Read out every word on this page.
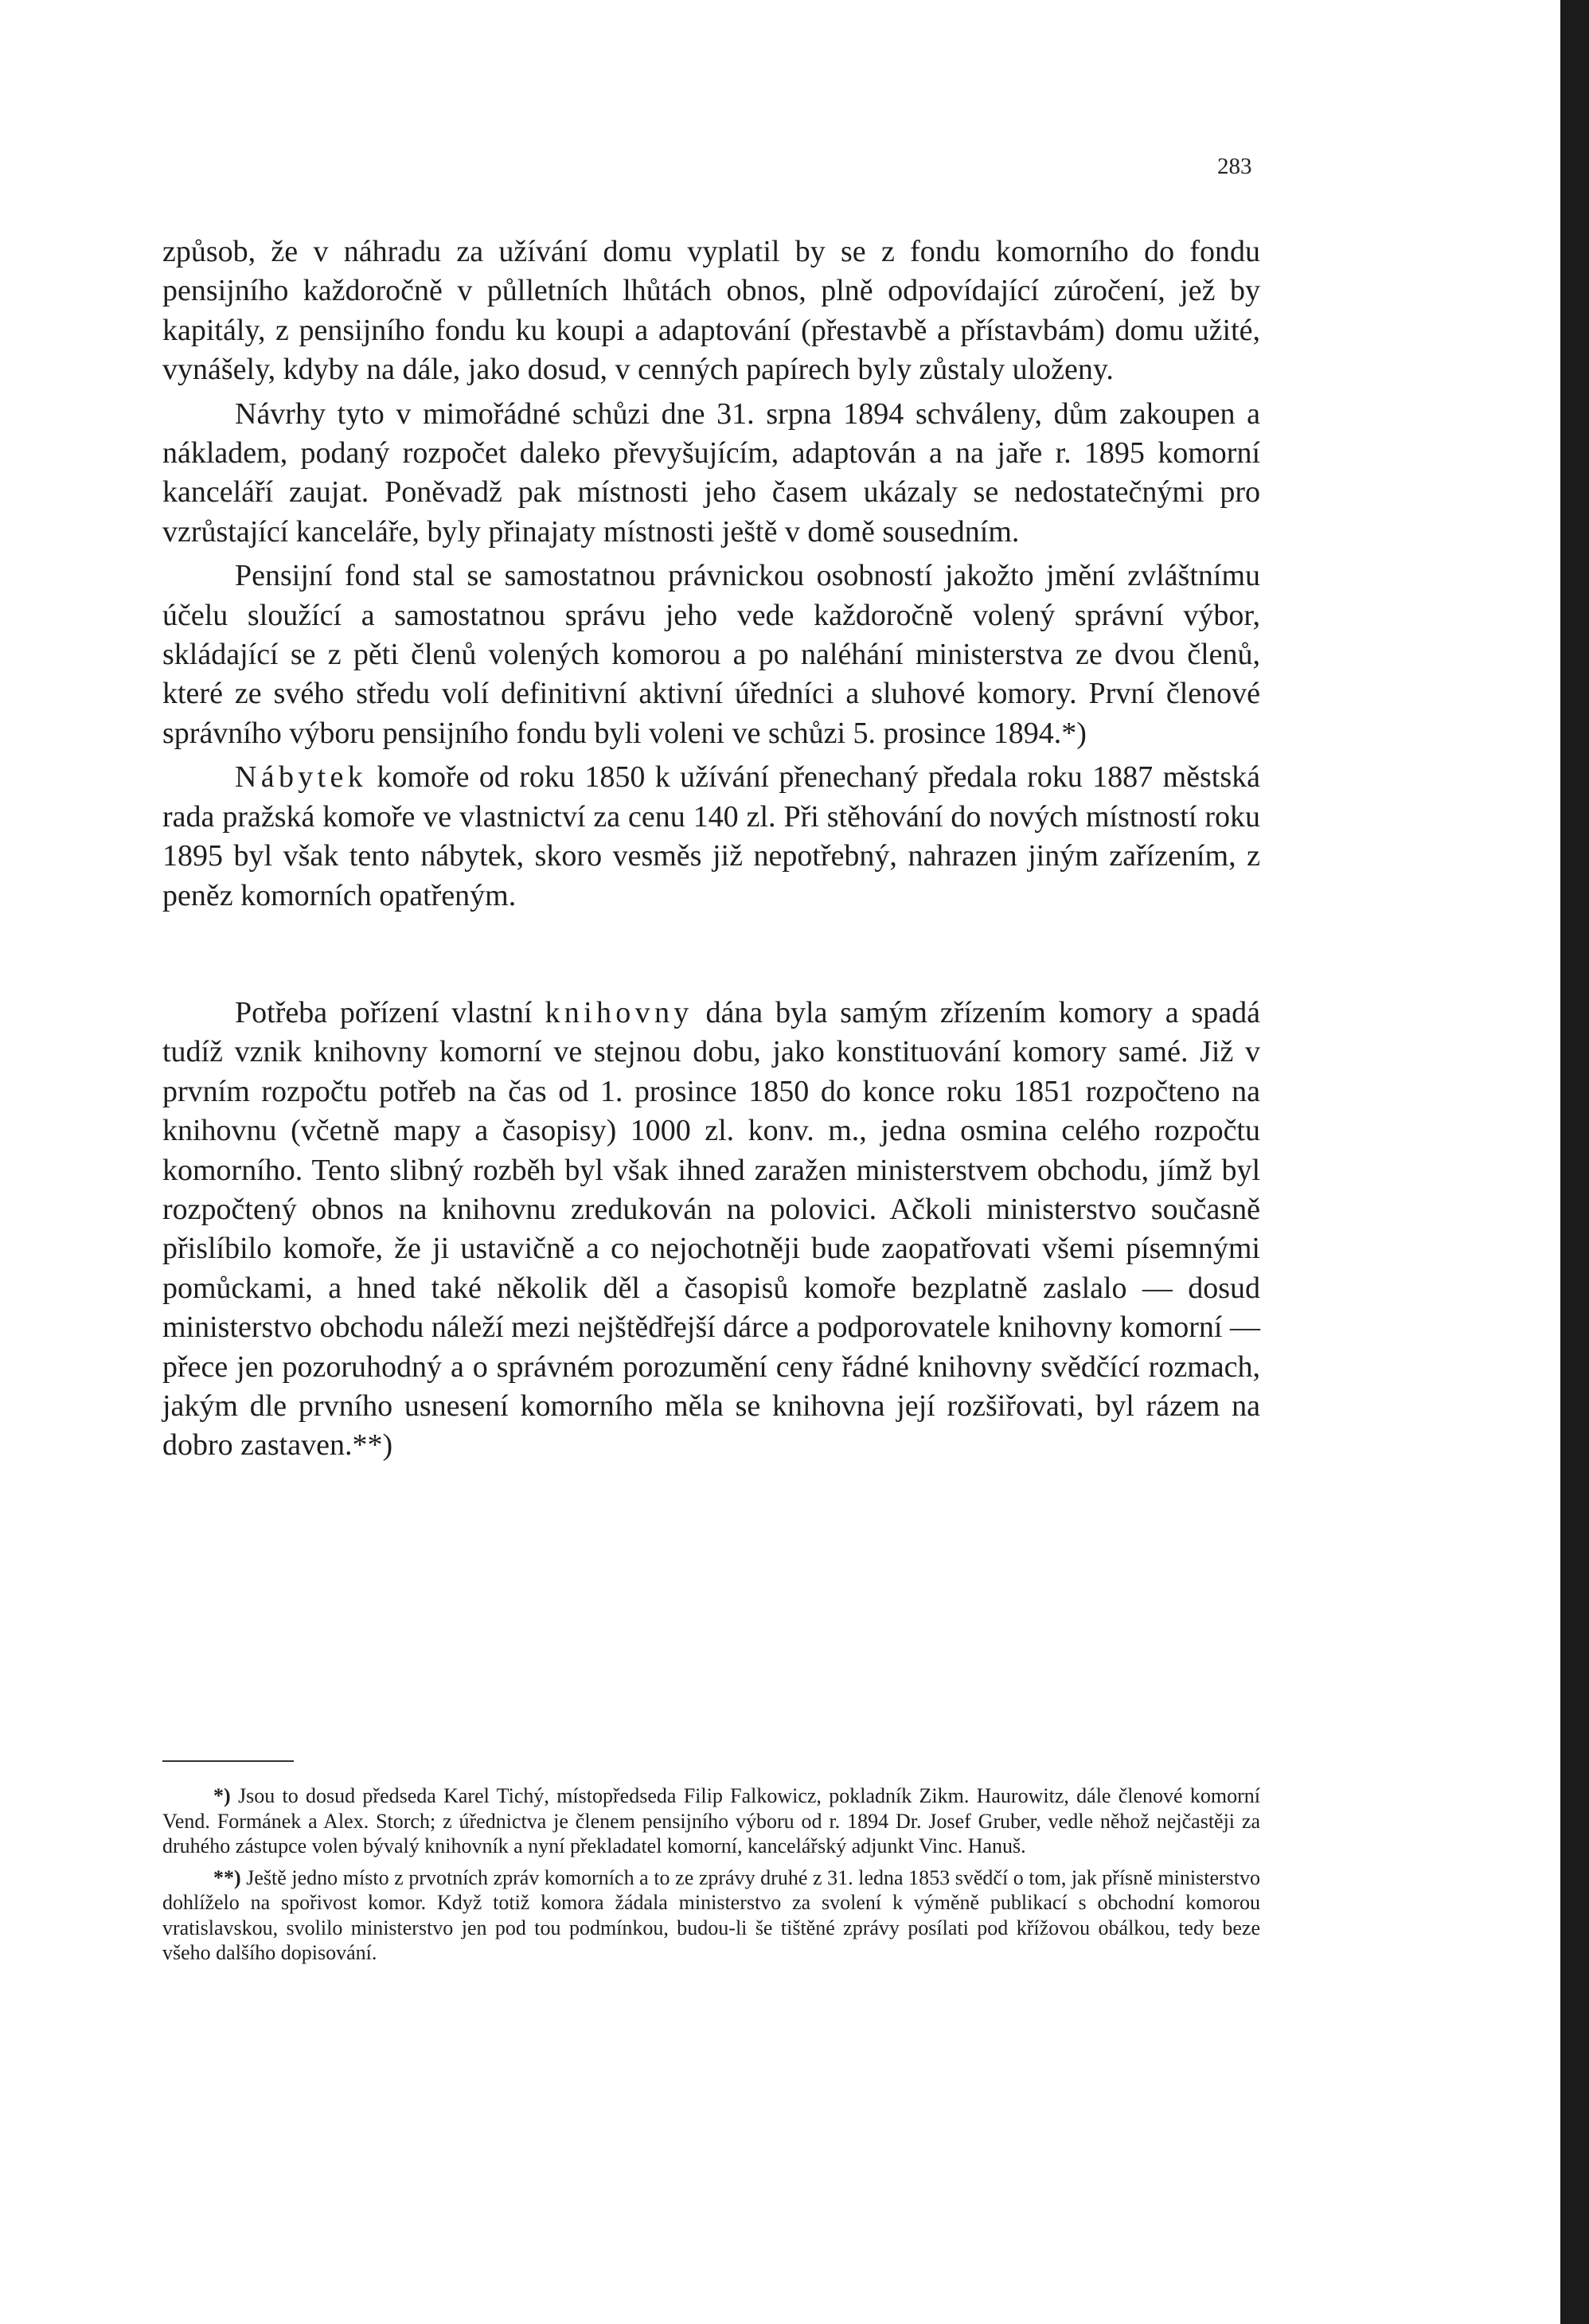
283

způsob, že v náhradu za užívání domu vyplatil by se z fondu komorního do fondu pensijního každoročně v půlletních lhůtách obnos, plně odpovídající zúročení, jež by kapitály, z pensijního fondu ku koupi a adaptování (přestavbě a přístavbám) domu užité, vynášely, kdyby na dále, jako dosud, v cenných papírech byly zůstaly uloženy.

Návrhy tyto v mimořádné schůzi dne 31. srpna 1894 schváleny, dům zakoupen a nákladem, podaný rozpočet daleko převyšujícím, adaptován a na jaře r. 1895 komorní kanceláří zaujat. Poněvadž pak místnosti jeho časem ukázaly se nedostatečnými pro vzrůstající kanceláře, byly přinajaty místnosti ještě v domě sousedním.

Pensijní fond stal se samostatnou právnickou osobností jakožto jmění zvláštnímu účelu sloužící a samostatnou správu jeho vede každoročně volený správní výbor, skládající se z pěti členů volených komorou a po naléhání ministerstva ze dvou členů, které ze svého středu volí definitivní aktivní úředníci a sluhové komory. První členové správního výboru pensijního fondu byli voleni ve schůzi 5. prosince 1894.*)

Nábytek komoře od roku 1850 k užívání přenechaný předala roku 1887 městská rada pražská komoře ve vlastnictví za cenu 140 zl. Při stěhování do nových místností roku 1895 byl však tento nábytek, skoro vesměs již nepotřebný, nahrazen jiným zařízením, z peněz komorních opatřeným.

Potřeba pořízení vlastní knihovny dána byla samým zřízením komory a spadá tudíž vznik knihovny komorní ve stejnou dobu, jako konstituování komory samé. Již v prvním rozpočtu potřeb na čas od 1. prosince 1850 do konce roku 1851 rozpočteno na knihovnu (včetně mapy a časopisy) 1000 zl. konv. m., jedna osmina celého rozpočtu komorního. Tento slibný rozběh byl však ihned zaražen ministerstvem obchodu, jímž byl rozpočtený obnos na knihovnu zredukován na polovici. Ačkoli ministerstvo současně přislíbilo komoře, že ji ustavičně a co nejochotněji bude zaopatřovati všemi písemnými pomůckami, a hned také několik děl a časopisů komoře bezplatně zaslalo — dosud ministerstvo obchodu náleží mezi nejštědřejší dárce a podporovatele knihovny komorní — přece jen pozoruhodný a o správném porozumění ceny řádné knihovny svědčící rozmach, jakým dle prvního usnesení komorního měla se knihovna její rozšiřovati, byl rázem na dobro zastaven.**)

*) Jsou to dosud předseda Karel Tichý, místopředseda Filip Falkowicz, pokladník Zikm. Haurowitz, dále členové komorní Vend. Formánek a Alex. Storch; z úřednictva je členem pensijního výboru od r. 1894 Dr. Josef Gruber, vedle něhož nejčastěji za druhého zástupce volen bývalý knihovník a nyní překladatel komorní, kancelářský adjunkt Vinc. Hanuš.

**) Ještě jedno místo z prvotních zpráv komorních a to ze zprávy druhé z 31. ledna 1853 svědčí o tom, jak přísně ministerstvo dohlíželo na spořivost komor. Když totiž komora žádala ministerstvo za svolení k výměně publikací s obchodní komorou vratislavskou, svolilo ministerstvo jen pod tou podmínkou, budou-li še tištěné zprávy posílati pod křížovou obálkou, tedy beze všeho dalšího dopisování.
